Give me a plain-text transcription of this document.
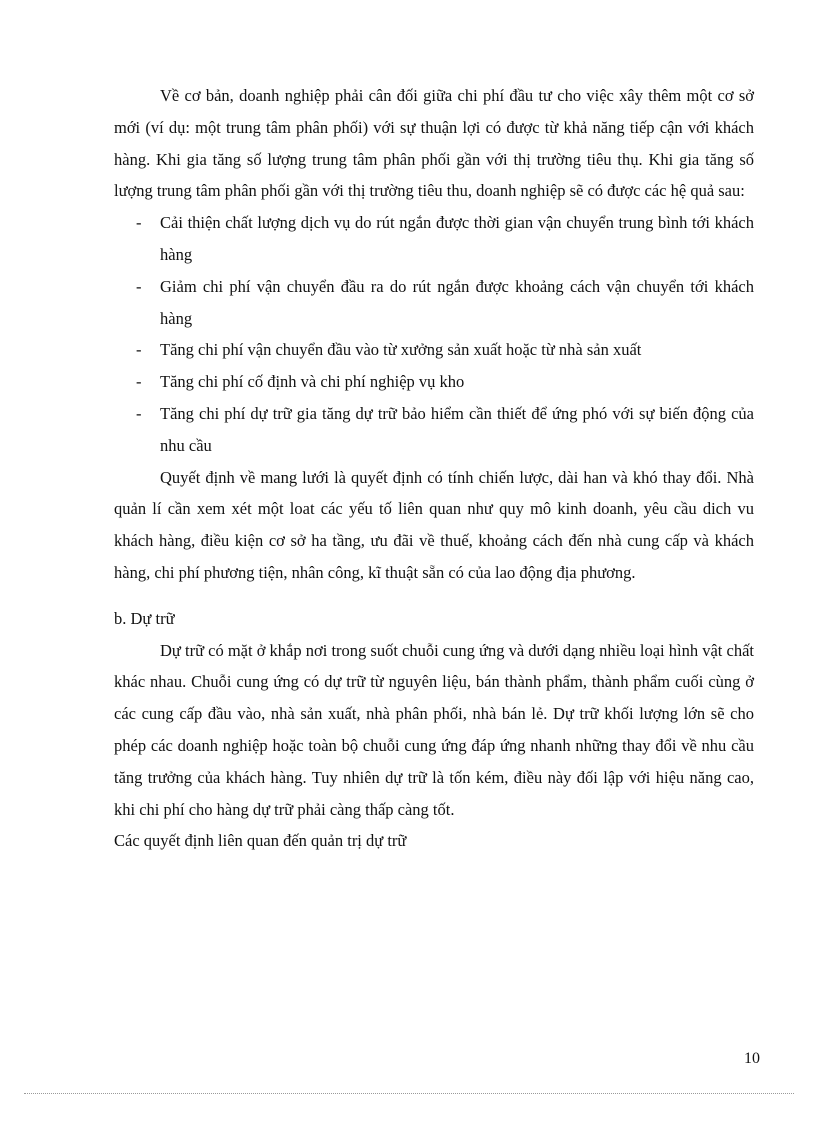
Về cơ bản, doanh nghiệp phải cân đối giữa chi phí đầu tư cho việc xây thêm một cơ sở mới (ví dụ: một trung tâm phân phối) với sự thuận lợi có được từ khả năng tiếp cận với khách hàng. Khi gia tăng số lượng trung tâm phân phối gần với thị trường tiêu thụ. Khi gia tăng số lượng trung tâm phân phối gần với thị trường tiêu thu, doanh nghiệp sẽ có được các hệ quả sau:

- Cải thiện chất lượng dịch vụ do rút ngắn được thời gian vận chuyển trung bình tới khách hàng
- Giảm chi phí vận chuyển đầu ra do rút ngắn được khoảng cách vận chuyển tới khách hàng
- Tăng chi phí vận chuyển đầu vào từ xưởng sản xuất hoặc từ nhà sản xuất
- Tăng chi phí cố định và chi phí nghiệp vụ kho
- Tăng chi phí dự trữ gia tăng dự trữ bảo hiểm cần thiết để ứng phó với sự biến động của nhu cầu

Quyết định về mang lưới là quyết định có tính chiến lược, dài han và khó thay đổi. Nhà quản lí cần xem xét một loat các yếu tố liên quan như quy mô kinh doanh, yêu cầu dich vu khách hàng, điều kiện cơ sở ha tầng, ưu đãi về thuế, khoảng cách đến nhà cung cấp và khách hàng, chi phí phương tiện, nhân công, kĩ thuật sẵn có của lao động địa phương.

b. Dự trữ

Dự trữ có mặt ở khắp nơi trong suốt chuỗi cung ứng và dưới dạng nhiều loại hình vật chất khác nhau. Chuỗi cung ứng có dự trữ từ nguyên liệu, bán thành phẩm, thành phẩm cuối cùng ở các cung cấp đầu vào, nhà sản xuất, nhà phân phối, nhà bán lẻ. Dự trữ khối lượng lớn sẽ cho phép các doanh nghiệp hoặc toàn bộ chuỗi cung ứng đáp ứng nhanh những thay đổi về nhu cầu tăng trưởng của khách hàng. Tuy nhiên dự trữ là tốn kém, điều này đối lập với hiệu năng cao, khi chi phí cho hàng dự trữ phải càng thấp càng tốt.

Các quyết định liên quan đến quản trị dự trữ

10
